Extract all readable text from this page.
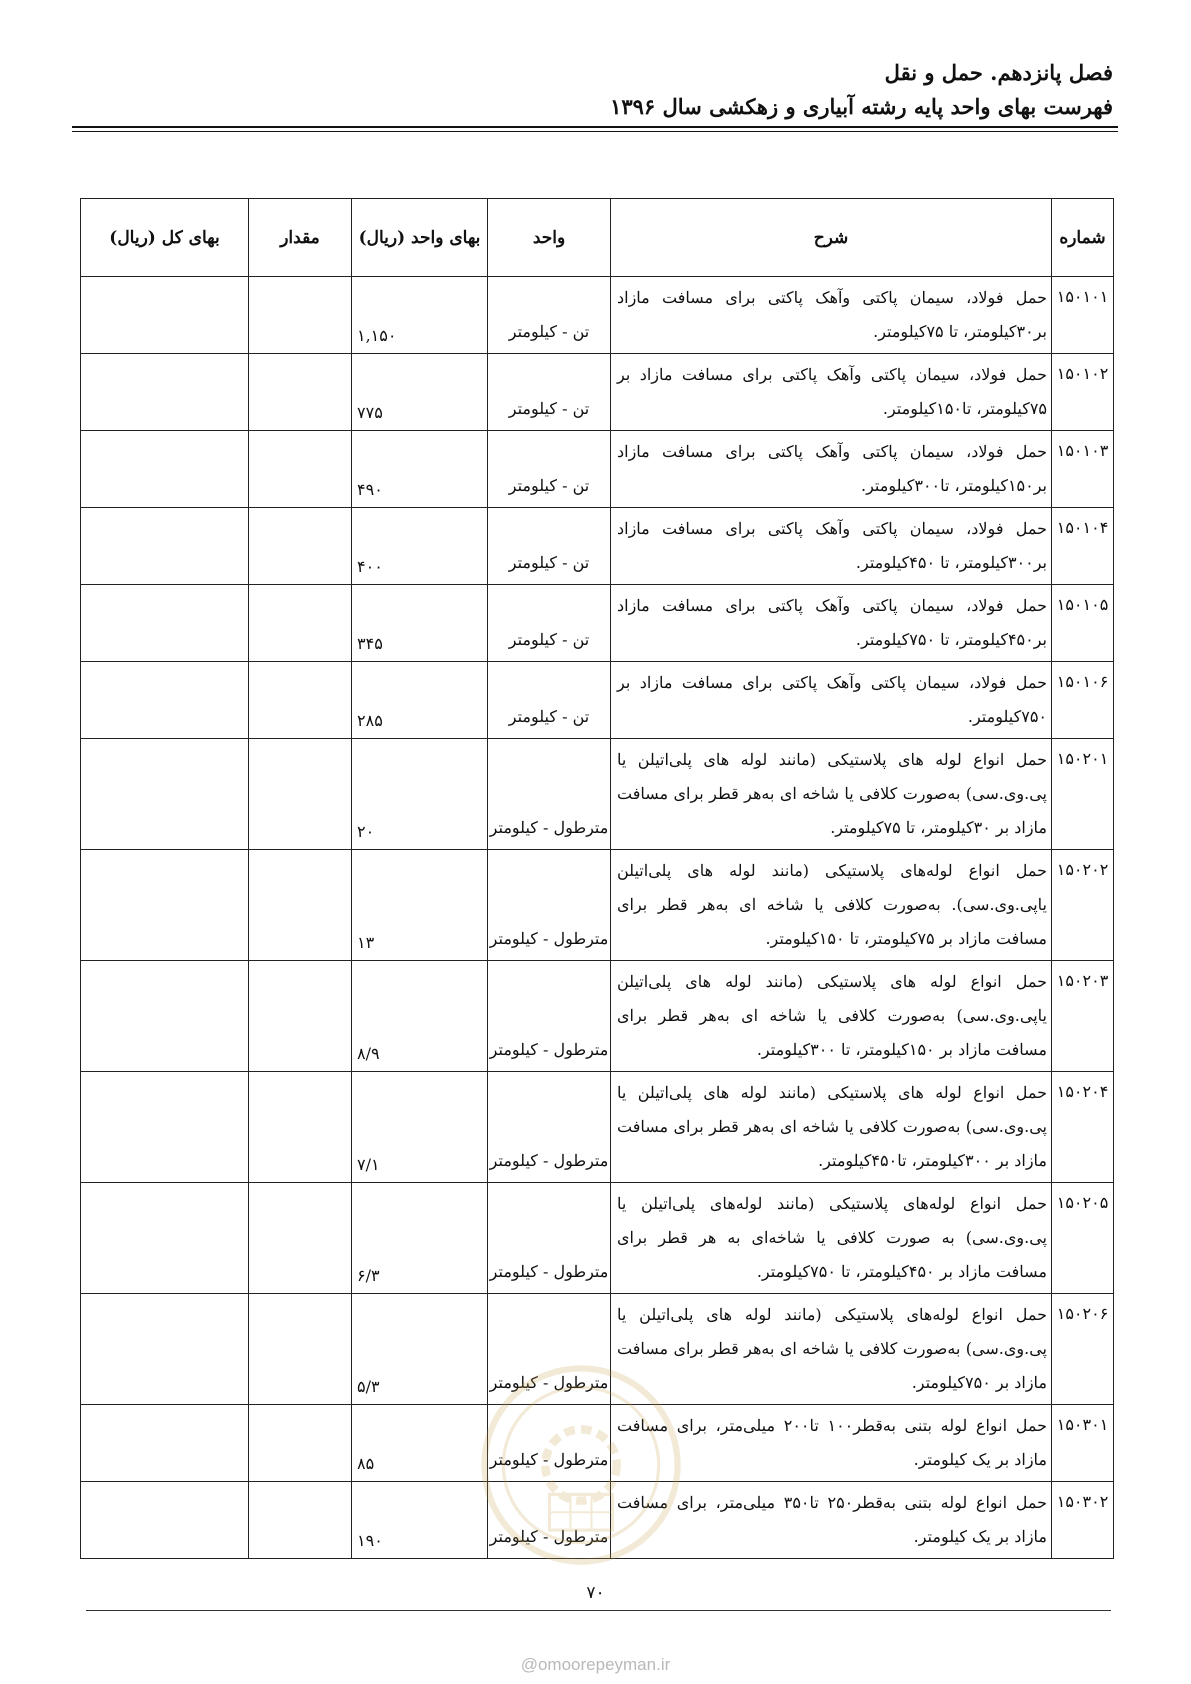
فصل پانزدهم. حمل و نقل

فهرست بهای واحد پایه رشته آبیاری و زهکشی سال ۱۳۹۶

شماره	شرح	واحد	بهای واحد (ریال)	مقدار	بهای کل (ریال)
۱۵۰۱۰۱	حمل فولاد، سیمان پاکتی وآهک پاکتی برای مسافت مازاد بر۳۰کیلومتر، تا ۷۵کیلومتر.	تن - کیلومتر	۱,۱۵۰		
۱۵۰۱۰۲	حمل فولاد، سیمان پاکتی وآهک پاکتی برای مسافت مازاد بر ۷۵کیلومتر، تا۱۵۰کیلومتر.	تن - کیلومتر	۷۷۵		
۱۵۰۱۰۳	حمل فولاد، سیمان پاکتی وآهک پاکتی برای مسافت مازاد بر۱۵۰کیلومتر، تا۳۰۰کیلومتر.	تن - کیلومتر	۴۹۰		
۱۵۰۱۰۴	حمل فولاد، سیمان پاکتی وآهک پاکتی برای مسافت مازاد بر۳۰۰کیلومتر، تا ۴۵۰کیلومتر.	تن - کیلومتر	۴۰۰		
۱۵۰۱۰۵	حمل فولاد، سیمان پاکتی وآهک پاکتی برای مسافت مازاد بر۴۵۰کیلومتر، تا ۷۵۰کیلومتر.	تن - کیلومتر	۳۴۵		
۱۵۰۱۰۶	حمل فولاد، سیمان پاکتی وآهک پاکتی برای مسافت مازاد بر ۷۵۰کیلومتر.	تن - کیلومتر	۲۸۵		
۱۵۰۲۰۱	حمل انواع لوله های پلاستیکی (مانند لوله های پلی‌اتیلن یا پی.وی.سی) به‌صورت کلافی یا شاخه ای به‌هر قطر برای مسافت مازاد بر ۳۰کیلومتر، تا ۷۵کیلومتر.	مترطول - کیلومتر	۲۰		
۱۵۰۲۰۲	حمل انواع لوله‌های پلاستیکی (مانند لوله های پلی‌اتیلن یاپی.وی.سی). به‌صورت کلافی یا شاخه ای به‌هر قطر برای مسافت مازاد بر ۷۵کیلومتر، تا ۱۵۰کیلومتر.	مترطول - کیلومتر	۱۳		
۱۵۰۲۰۳	حمل انواع لوله های پلاستیکی (مانند لوله های پلی‌اتیلن یاپی.وی.سی) به‌صورت کلافی یا شاخه ای به‌هر قطر برای مسافت مازاد بر ۱۵۰کیلومتر، تا ۳۰۰کیلومتر.	مترطول - کیلومتر	۸/۹		
۱۵۰۲۰۴	حمل انواع لوله های پلاستیکی (مانند لوله های پلی‌اتیلن یا پی.وی.سی) به‌صورت کلافی یا شاخه ای به‌هر قطر برای مسافت مازاد بر ۳۰۰کیلومتر، تا۴۵۰کیلومتر.	مترطول - کیلومتر	۷/۱		
۱۵۰۲۰۵	حمل انواع لوله‌های پلاستیکی (مانند لوله‌های پلی‌اتیلن یا پی.وی.سی) به صورت کلافی یا شاخه‌ای به هر قطر برای مسافت مازاد بر ۴۵۰کیلومتر، تا ۷۵۰کیلومتر.	مترطول - کیلومتر	۶/۳		
۱۵۰۲۰۶	حمل انواع لوله‌های پلاستیکی (مانند لوله های پلی‌اتیلن یا پی.وی.سی) به‌صورت کلافی یا شاخه ای به‌هر قطر برای مسافت مازاد بر ۷۵۰کیلومتر.	مترطول - کیلومتر	۵/۳		
۱۵۰۳۰۱	حمل انواع لوله بتنی به‌قطر۱۰۰ تا۲۰۰ میلی‌متر، برای مسافت مازاد بر یک کیلومتر.	مترطول - کیلومتر	۸۵		
۱۵۰۳۰۲	حمل انواع لوله بتنی به‌قطر۲۵۰ تا۳۵۰ میلی‌متر، برای مسافت مازاد بر یک کیلومتر.	مترطول - کیلومتر	۱۹۰		
۷۰
@omoorepeyman.ir
